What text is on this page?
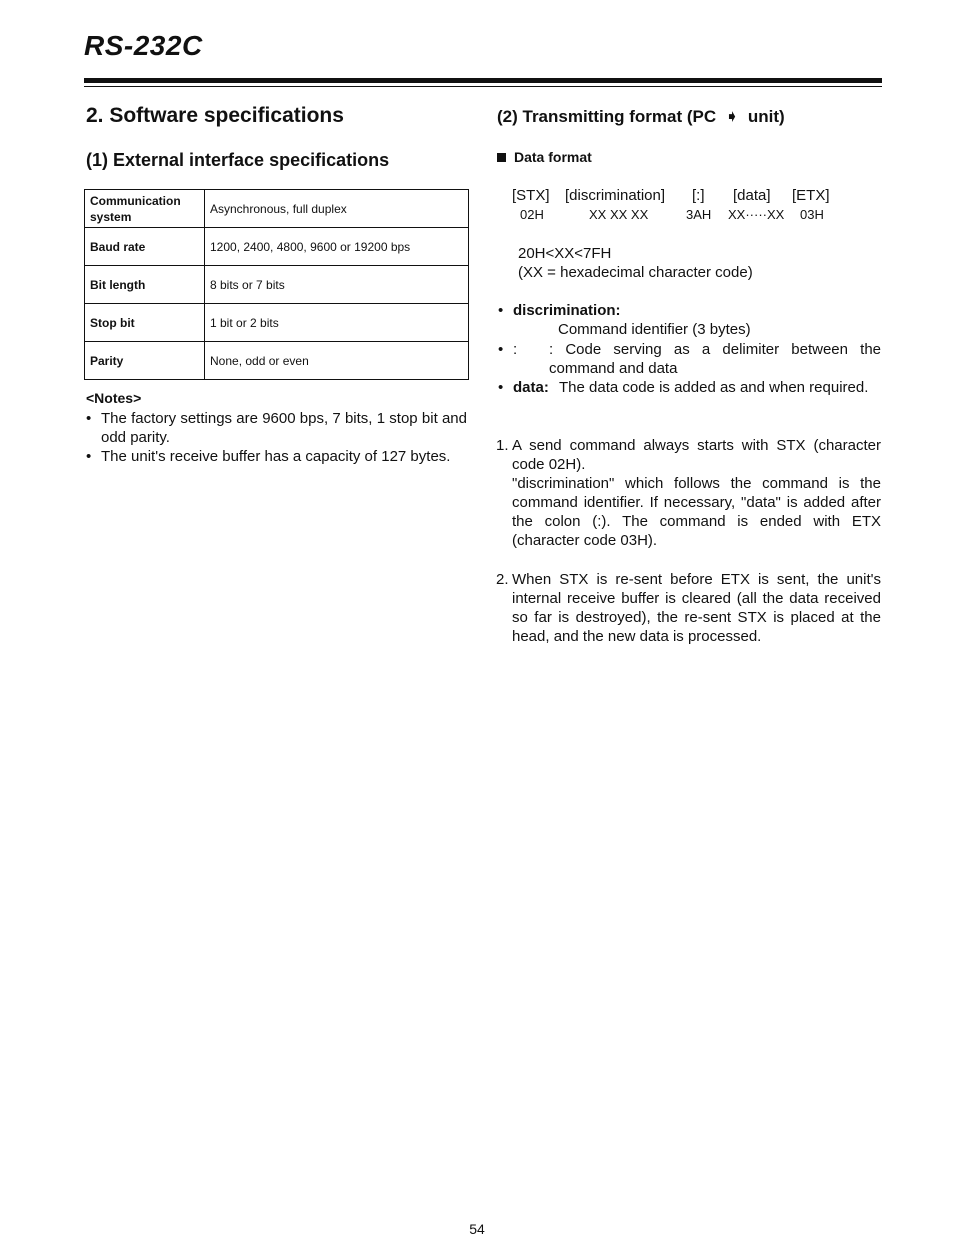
RS-232C
2. Software specifications
(1) External interface specifications
Communication system	Asynchronous, full duplex
Baud rate	1200, 2400, 4800, 9600 or 19200 bps
Bit length	8 bits or 7 bits
Stop bit	1 bit or 2 bits
Parity	None, odd or even
<Notes>
• The factory settings are 9600 bps, 7 bits, 1 stop bit and odd parity.
• The unit's receive buffer has a capacity of 127 bytes.
(2) Transmitting format (PC ➧ unit)
Data format
[STX] [discrimination] [:] [data] [ETX]
02H	XX XX XX	3AH XX·····XX 03H
20H<XX<7FH
(XX = hexadecimal character code)
• discrimination:
Command identifier (3 bytes)
• : : Code serving as a delimiter between the command and data
• data: The data code is added as and when required.
1. A send command always starts with STX (character code 02H).
"discrimination" which follows the command is the command identifier. If necessary, "data" is added after the colon (:). The command is ended with ETX (character code 03H).
2. When STX is re-sent before ETX is sent, the unit's internal receive buffer is cleared (all the data received so far is destroyed), the re-sent STX is placed at the head, and the new data is processed.
54
